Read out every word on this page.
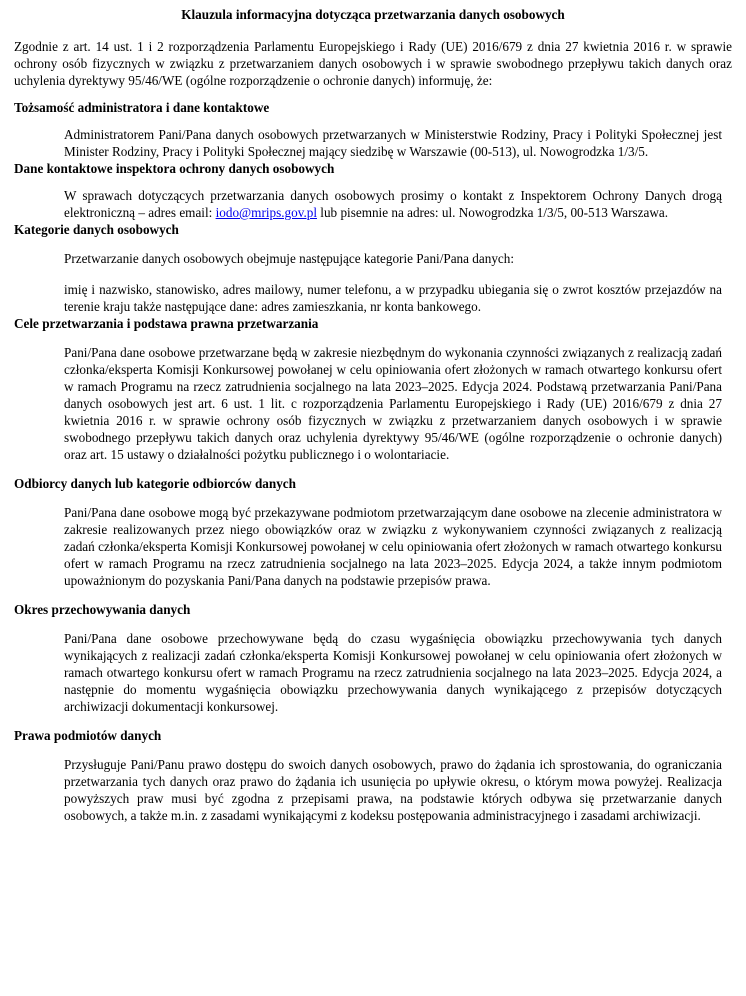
Klauzula informacyjna dotycząca przetwarzania danych osobowych

Zgodnie z art. 14 ust. 1 i 2 rozporządzenia Parlamentu Europejskiego i Rady (UE) 2016/679 z dnia 27 kwietnia 2016 r. w sprawie ochrony osób fizycznych w związku z przetwarzaniem danych osobowych i w sprawie swobodnego przepływu takich danych oraz uchylenia dyrektywy 95/46/WE (ogólne rozporządzenie o ochronie danych) informuję, że:

Tożsamość administratora i dane kontaktowe

Administratorem Pani/Pana danych osobowych przetwarzanych w Ministerstwie Rodziny, Pracy i Polityki Społecznej jest Minister Rodziny, Pracy i Polityki Społecznej mający siedzibę w Warszawie (00-513), ul. Nowogrodzka 1/3/5.

Dane kontaktowe inspektora ochrony danych osobowych

W sprawach dotyczących przetwarzania danych osobowych prosimy o kontakt z Inspektorem Ochrony Danych drogą elektroniczną – adres email: iodo@mrips.gov.pl lub pisemnie na adres: ul. Nowogrodzka 1/3/5, 00-513 Warszawa.

Kategorie danych osobowych

Przetwarzanie danych osobowych obejmuje następujące kategorie Pani/Pana danych:

imię i nazwisko, stanowisko, adres mailowy, numer telefonu, a w przypadku ubiegania się o zwrot kosztów przejazdów na terenie kraju także następujące dane: adres zamieszkania, nr konta bankowego.

Cele przetwarzania i podstawa prawna przetwarzania

Pani/Pana dane osobowe przetwarzane będą w zakresie niezbędnym do wykonania czynności związanych z realizacją zadań członka/eksperta Komisji Konkursowej powołanej w celu opiniowania ofert złożonych w ramach otwartego konkursu ofert w ramach Programu na rzecz zatrudnienia socjalnego na lata 2023–2025. Edycja 2024. Podstawą przetwarzania Pani/Pana danych osobowych jest art. 6 ust. 1 lit. c rozporządzenia Parlamentu Europejskiego i Rady (UE) 2016/679 z dnia 27 kwietnia 2016 r. w sprawie ochrony osób fizycznych w związku z przetwarzaniem danych osobowych i w sprawie swobodnego przepływu takich danych oraz uchylenia dyrektywy 95/46/WE (ogólne rozporządzenie o ochronie danych) oraz art. 15 ustawy o działalności pożytku publicznego i o wolontariacie.

Odbiorcy danych lub kategorie odbiorców danych

Pani/Pana dane osobowe mogą być przekazywane podmiotom przetwarzającym dane osobowe na zlecenie administratora w zakresie realizowanych przez niego obowiązków oraz w związku z wykonywaniem czynności związanych z realizacją zadań członka/eksperta Komisji Konkursowej powołanej w celu opiniowania ofert złożonych w ramach otwartego konkursu ofert w ramach Programu na rzecz zatrudnienia socjalnego na lata 2023–2025. Edycja 2024, a także innym podmiotom upoważnionym do pozyskania Pani/Pana danych na podstawie przepisów prawa.

Okres przechowywania danych

Pani/Pana dane osobowe przechowywane będą do czasu wygaśnięcia obowiązku przechowywania tych danych wynikających z realizacji zadań członka/eksperta Komisji Konkursowej powołanej w celu opiniowania ofert złożonych w ramach otwartego konkursu ofert w ramach Programu na rzecz zatrudnienia socjalnego na lata 2023–2025. Edycja 2024, a następnie do momentu wygaśnięcia obowiązku przechowywania danych wynikającego z przepisów dotyczących archiwizacji dokumentacji konkursowej.

Prawa podmiotów danych

Przysługuje Pani/Panu prawo dostępu do swoich danych osobowych, prawo do żądania ich sprostowania, do ograniczania przetwarzania tych danych oraz prawo do żądania ich usunięcia po upływie okresu, o którym mowa powyżej. Realizacja powyższych praw musi być zgodna z przepisami prawa, na podstawie których odbywa się przetwarzanie danych osobowych, a także m.in. z zasadami wynikającymi z kodeksu postępowania administracyjnego i zasadami archiwizacji.
